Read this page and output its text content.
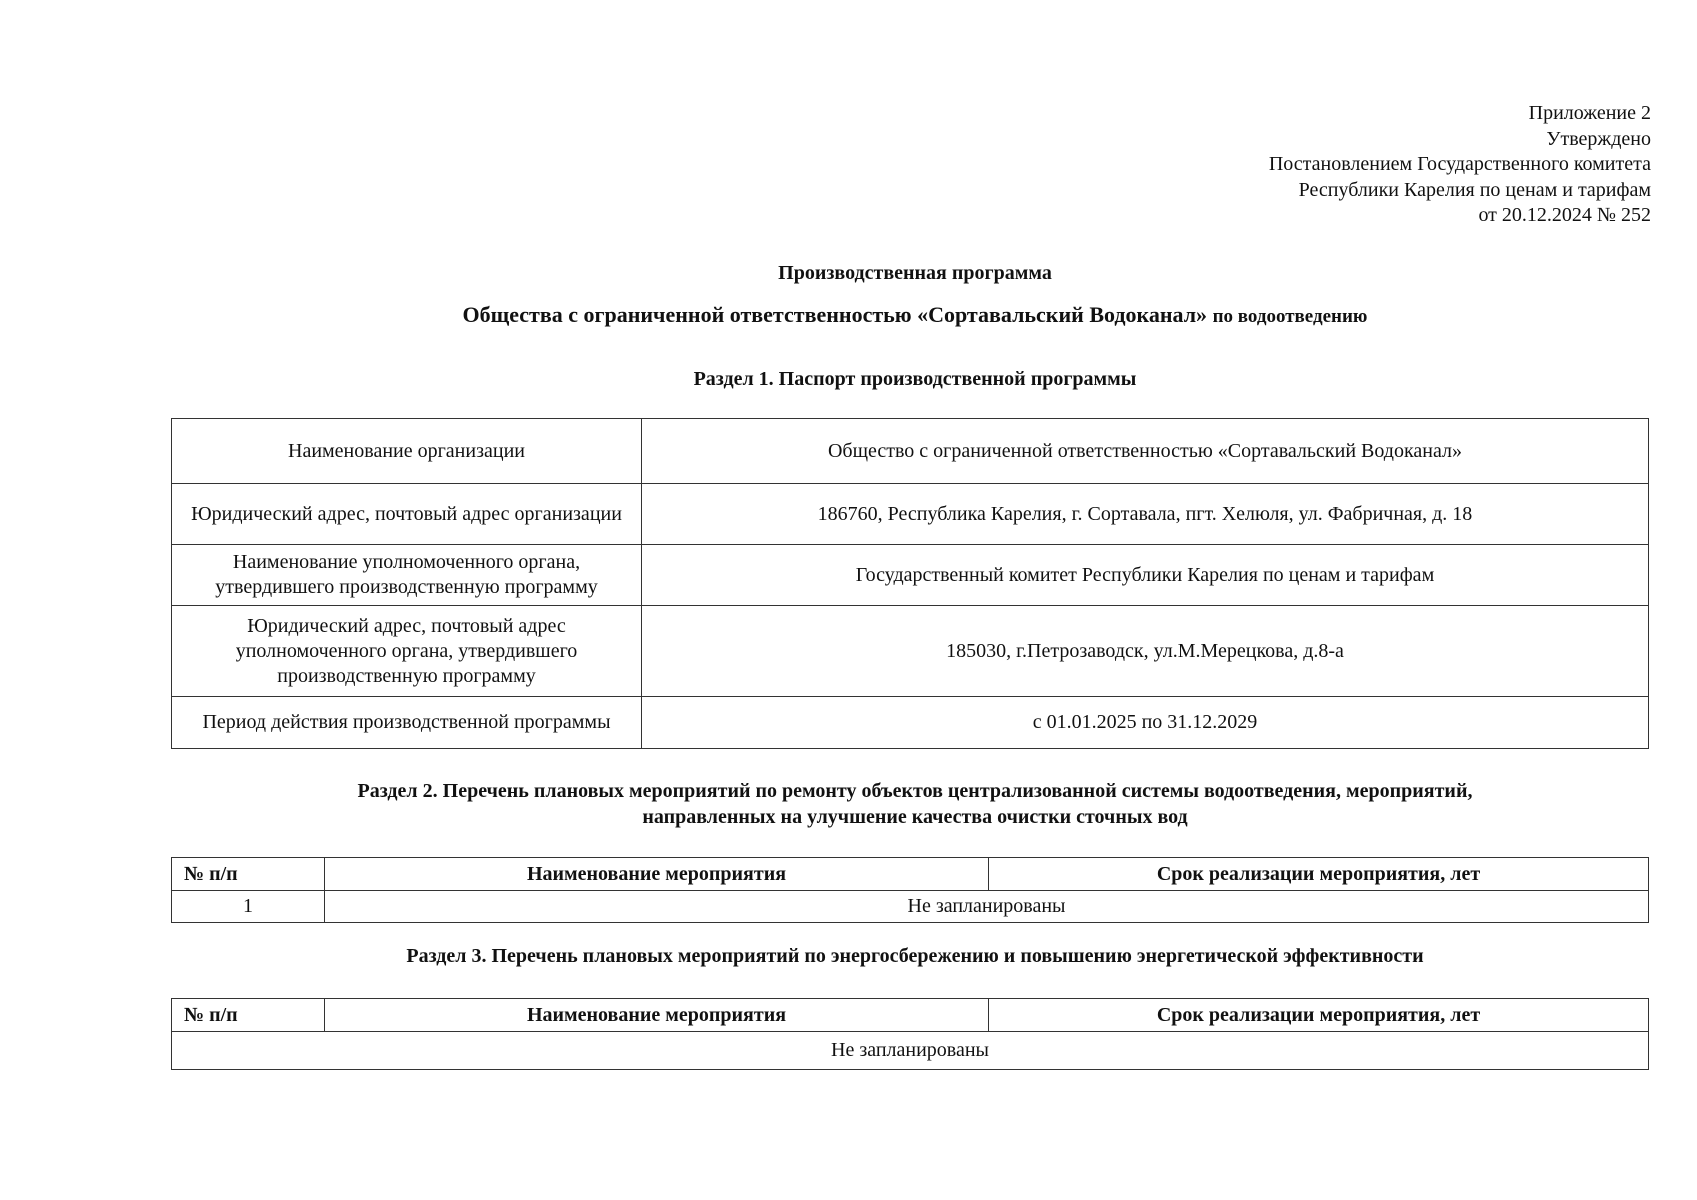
Приложение 2
Утверждено
Постановлением Государственного комитета
Республики Карелия по ценам и тарифам
от 20.12.2024 № 252
Производственная программа
Общества с ограниченной ответственностью «Сортавальский Водоканал» по водоотведению
Раздел 1. Паспорт производственной программы
Наименование организации	Общество с ограниченной ответственностью «Сортавальский Водоканал»
Юридический адрес, почтовый адрес организации	186760, Республика Карелия, г. Сортавала, пгт. Хелюля, ул. Фабричная, д. 18
Наименование уполномоченного органа, утвердившего производственную программу	Государственный комитет Республики Карелия по ценам и тарифам
Юридический адрес, почтовый адрес уполномоченного органа, утвердившего производственную программу	185030, г.Петрозаводск, ул.М.Мерецкова, д.8-а
Период действия производственной программы	с 01.01.2025 по 31.12.2029
Раздел 2. Перечень плановых мероприятий по ремонту объектов централизованной системы водоотведения, мероприятий,
направленных на улучшение качества очистки сточных вод
№ п/п	Наименование мероприятия	Срок реализации мероприятия, лет
1	Не запланированы	
Раздел 3. Перечень плановых мероприятий по энергосбережению и повышению энергетической эффективности
№ п/п	Наименование мероприятия	Срок реализации мероприятия, лет
Не запланированы
